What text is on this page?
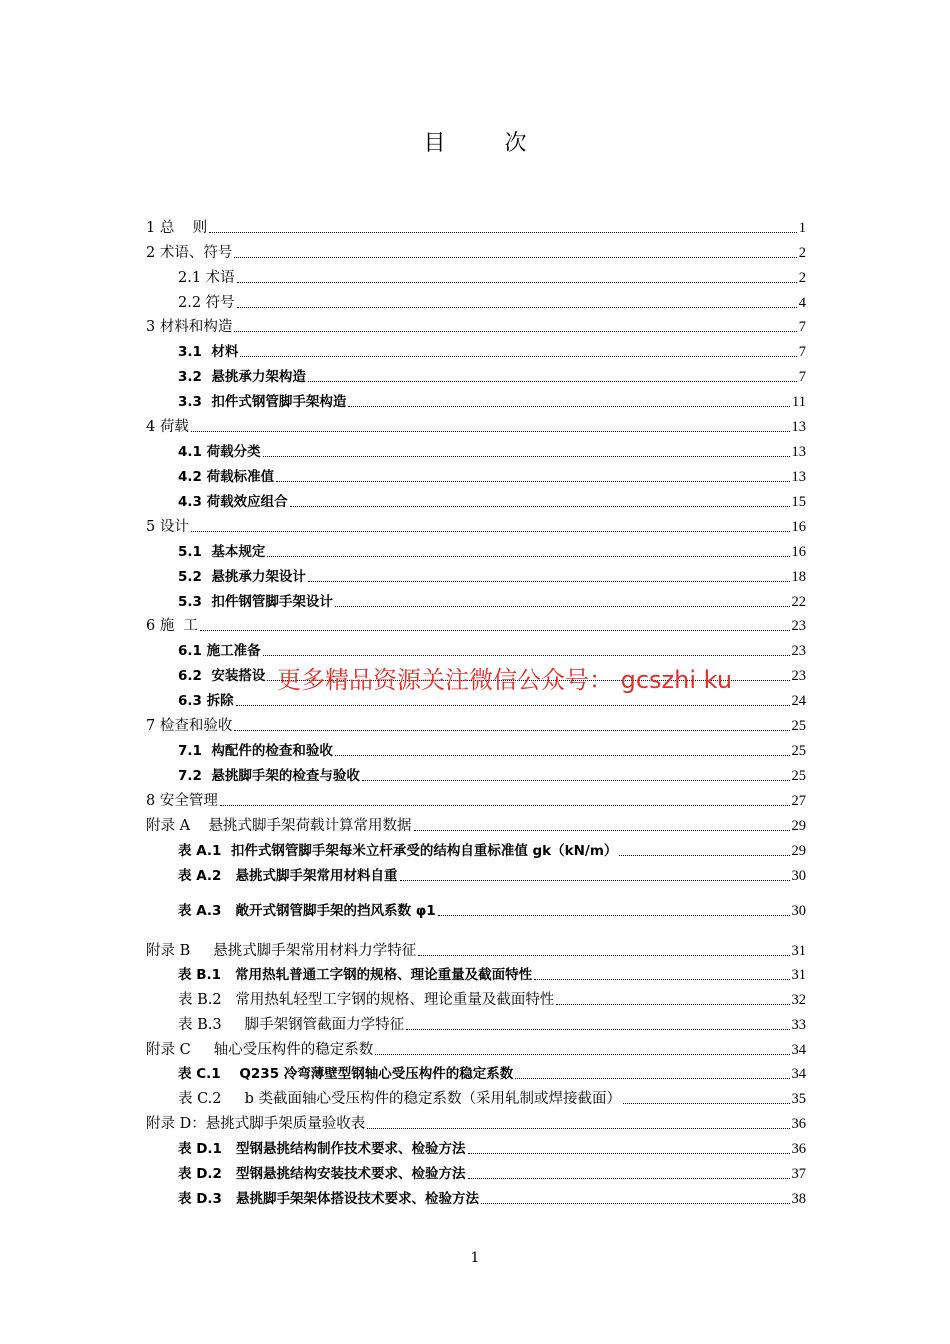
目 次
1 总    则	1
2 术语、符号	2
2.1 术语	2
2.2 符号	4
3 材料和构造	7
3.1  材料	7
3.2  悬挑承力架构造	7
3.3  扣件式钢管脚手架构造	11
4 荷载	13
4.1 荷载分类	13
4.2 荷载标准值	13
4.3 荷载效应组合	15
5 设计	16
5.1  基本规定	16
5.2  悬挑承力架设计	18
5.3  扣件钢管脚手架设计	22
6 施  工	23
6.1 施工准备	23
6.2  安装搭设	23
6.3 拆除	24
7 检查和验收	25
7.1  构配件的检查和验收	25
7.2  悬挑脚手架的检查与验收	25
8 安全管理	27
附录 A    悬挑式脚手架荷载计算常用数据	29
表 A.1  扣件式钢管脚手架每米立杆承受的结构自重标准值 gk（kN/m）	29
表 A.2   悬挑式脚手架常用材料自重	30
表 A.3   敞开式钢管脚手架的挡风系数 φ1	30
附录 B     悬挑式脚手架常用材料力学特征	31
表 B.1   常用热轧普通工字钢的规格、理论重量及截面特性	31
表 B.2   常用热轧轻型工字钢的规格、理论重量及截面特性	32
表 B.3     脚手架钢管截面力学特征	33
附录 C     轴心受压构件的稳定系数	34
表 C.1    Q235 冷弯薄壁型钢轴心受压构件的稳定系数	34
表 C.2     b 类截面轴心受压构件的稳定系数（采用轧制或焊接截面）	35
附录 D：悬挑式脚手架质量验收表	36
表 D.1   型钢悬挑结构制作技术要求、检验方法	36
表 D.2   型钢悬挑结构安装技术要求、检验方法	37
表 D.3   悬挑脚手架架体搭设技术要求、检验方法	38
更多精品资源关注微信公众号： gcszhi ku
1
